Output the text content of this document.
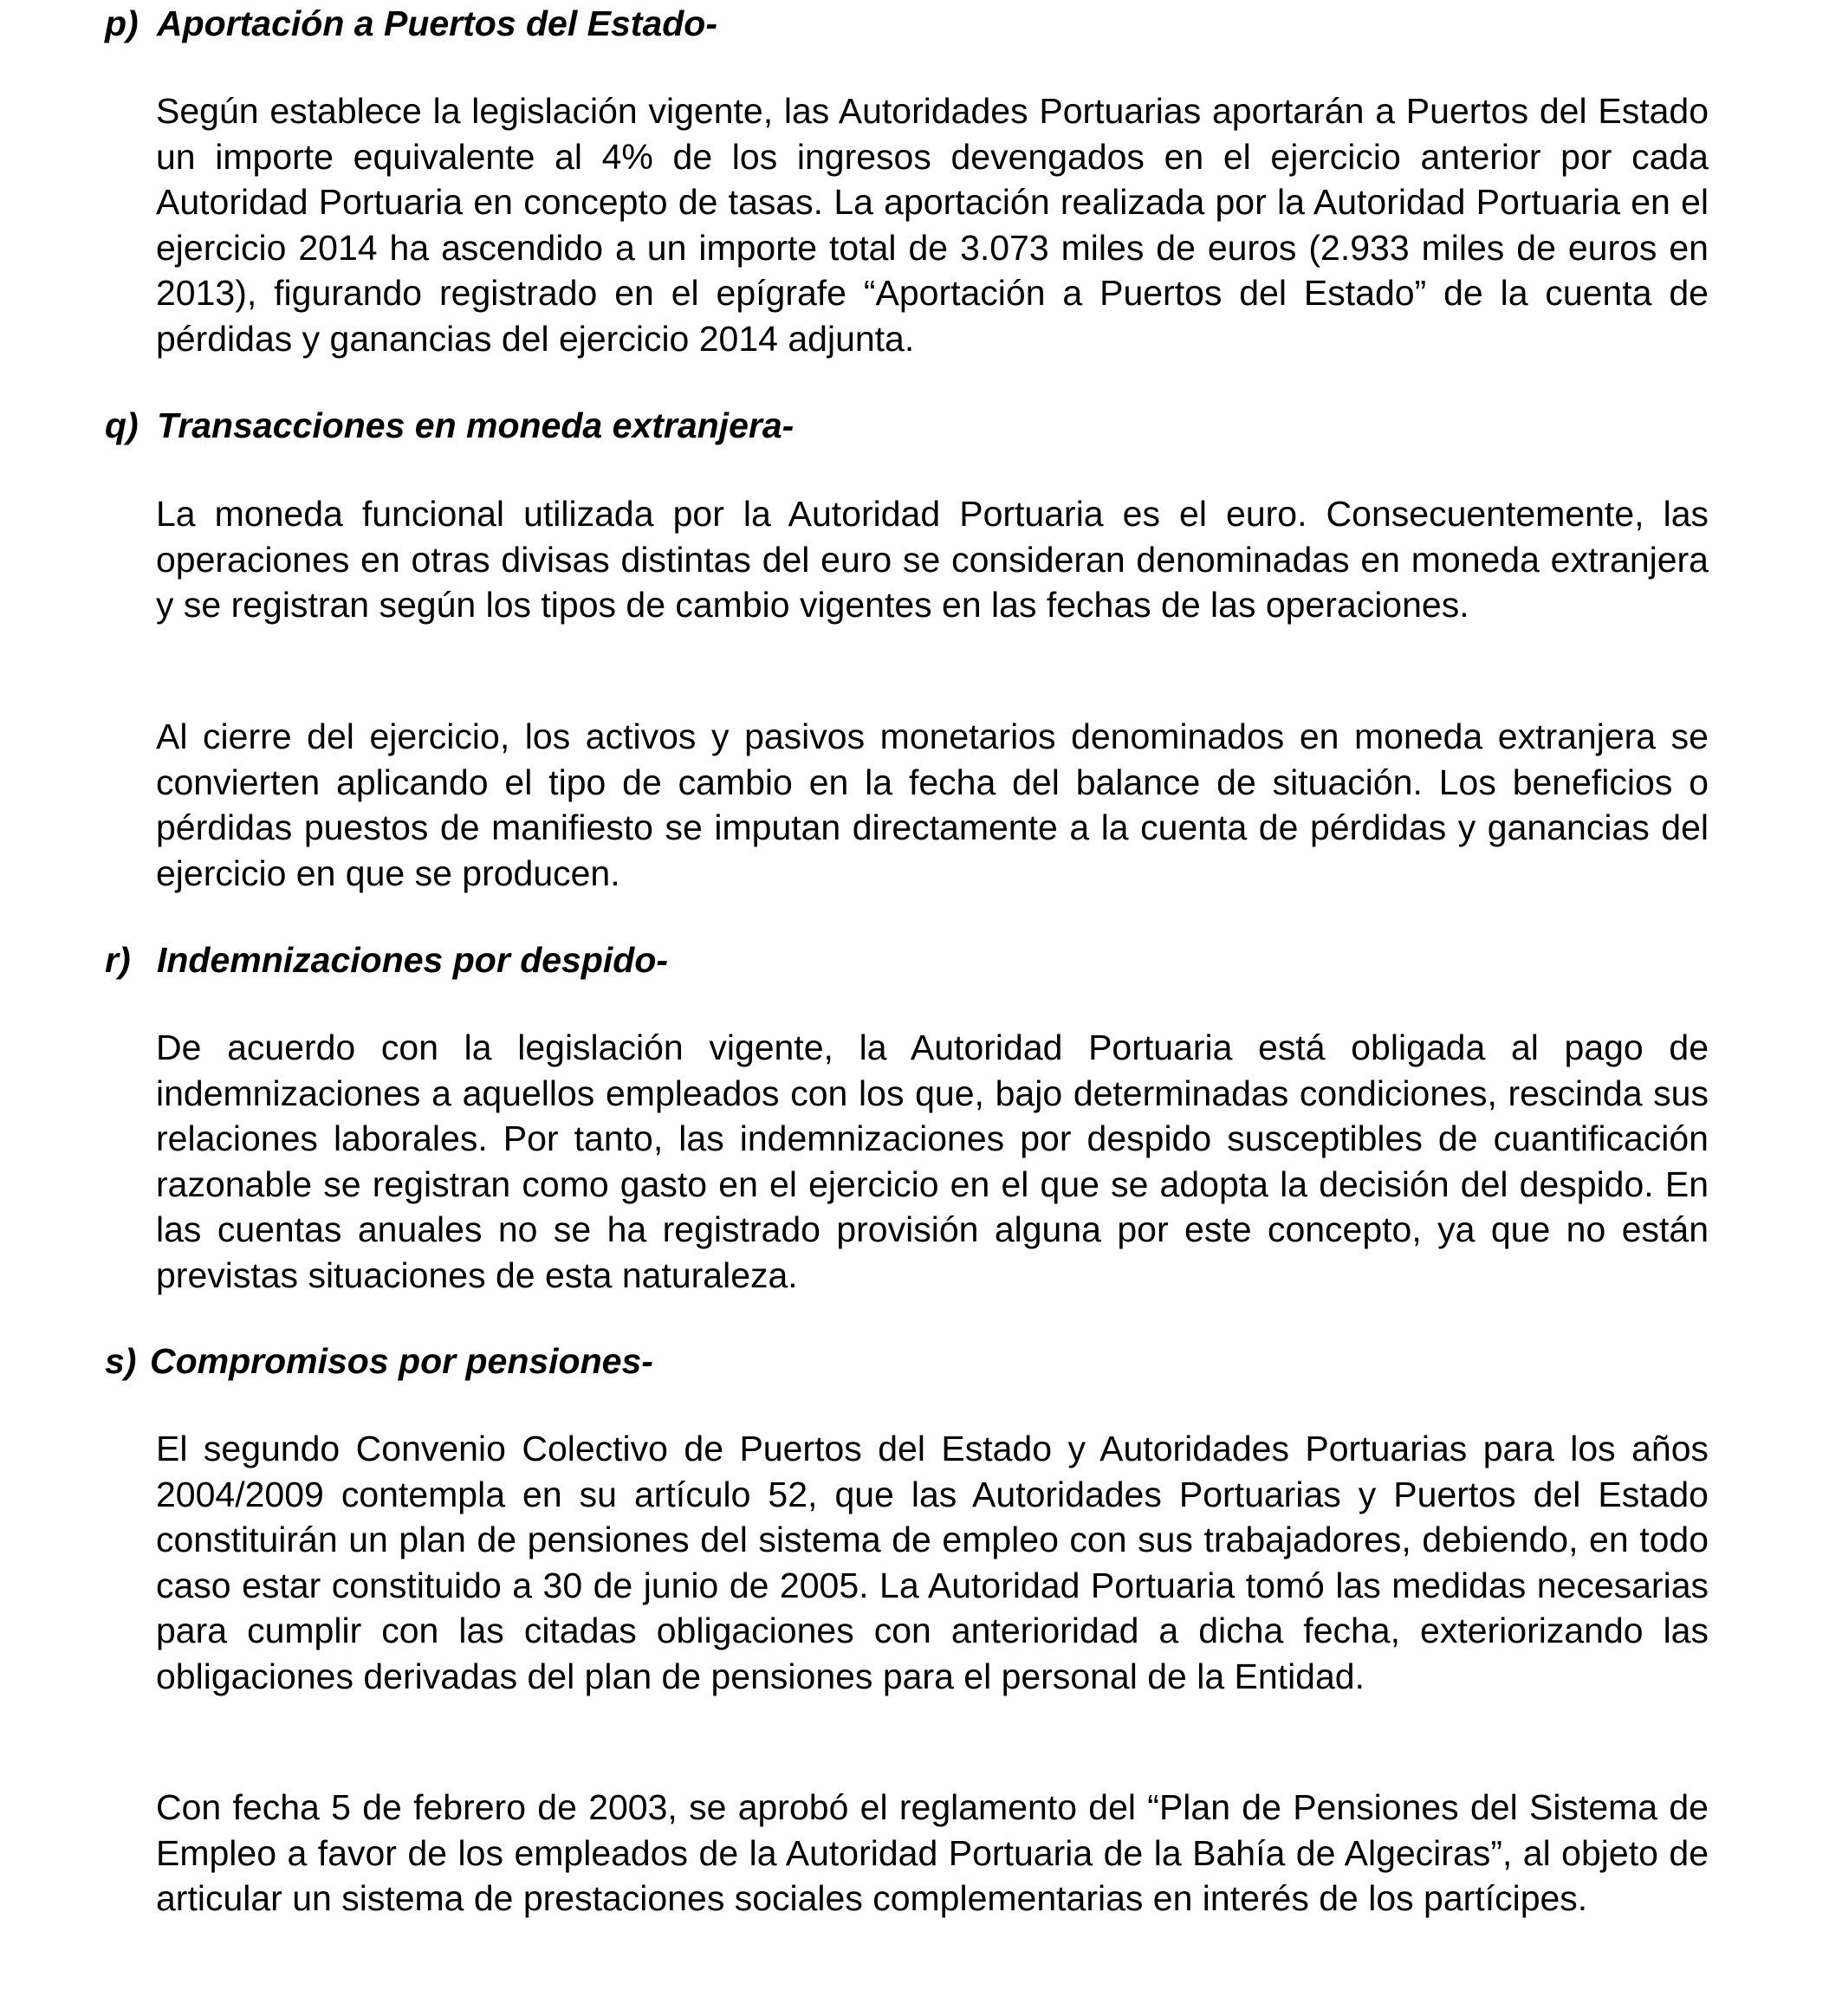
p) Aportación a Puertos del Estado-

Según establece la legislación vigente, las Autoridades Portuarias aportarán a Puertos del Estado un importe equivalente al 4% de los ingresos devengados en el ejercicio anterior por cada Autoridad Portuaria en concepto de tasas. La aportación realizada por la Autoridad Portuaria en el ejercicio 2014 ha ascendido a un importe total de 3.073 miles de euros (2.933 miles de euros en 2013), figurando registrado en el epígrafe “Aportación a Puertos del Estado” de la cuenta de pérdidas y ganancias del ejercicio 2014 adjunta.

q) Transacciones en moneda extranjera-

La moneda funcional utilizada por la Autoridad Portuaria es el euro. Consecuentemente, las operaciones en otras divisas distintas del euro se consideran denominadas en moneda extranjera y se registran según los tipos de cambio vigentes en las fechas de las operaciones.

Al cierre del ejercicio, los activos y pasivos monetarios denominados en moneda extranjera se convierten aplicando el tipo de cambio en la fecha del balance de situación. Los beneficios o pérdidas puestos de manifiesto se imputan directamente a la cuenta de pérdidas y ganancias del ejercicio en que se producen.

r) Indemnizaciones por despido-

De acuerdo con la legislación vigente, la Autoridad Portuaria está obligada al pago de indemnizaciones a aquellos empleados con los que, bajo determinadas condiciones, rescinda sus relaciones laborales. Por tanto, las indemnizaciones por despido susceptibles de cuantificación razonable se registran como gasto en el ejercicio en el que se adopta la decisión del despido. En las cuentas anuales no se ha registrado provisión alguna por este concepto, ya que no están previstas situaciones de esta naturaleza.

s) Compromisos por pensiones-

El segundo Convenio Colectivo de Puertos del Estado y Autoridades Portuarias para los años 2004/2009 contempla en su artículo 52, que las Autoridades Portuarias y Puertos del Estado constituirán un plan de pensiones del sistema de empleo con sus trabajadores, debiendo, en todo caso estar constituido a 30 de junio de 2005. La Autoridad Portuaria tomó las medidas necesarias para cumplir con las citadas obligaciones con anterioridad a dicha fecha, exteriorizando las obligaciones derivadas del plan de pensiones para el personal de la Entidad.

Con fecha 5 de febrero de 2003, se aprobó el reglamento del “Plan de Pensiones del Sistema de Empleo a favor de los empleados de la Autoridad Portuaria de la Bahía de Algeciras”, al objeto de articular un sistema de prestaciones sociales complementarias en interés de los partícipes.
